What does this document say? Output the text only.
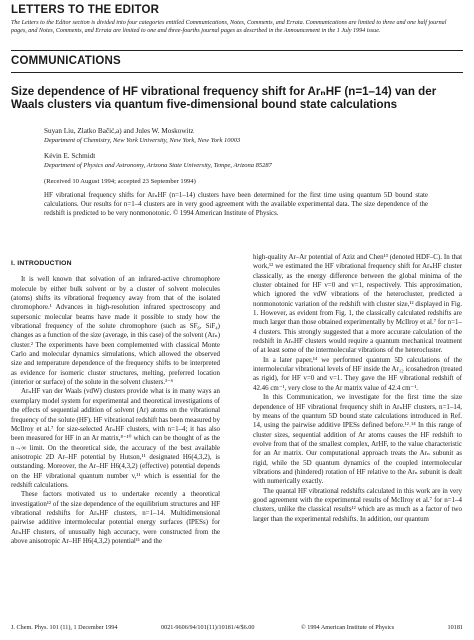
LETTERS TO THE EDITOR
The Letters to the Editor section is divided into four categories entitled Communications, Notes, Comments, and Errata. Communications are limited to three and one half journal pages, and Notes, Comments, and Errata are limited to one and three-fourths journal pages as described in the Announcement in the 1 July 1994 issue.
COMMUNICATIONS
Size dependence of HF vibrational frequency shift for ArₙHF (n=1–14) van der Waals clusters via quantum five-dimensional bound state calculations
Suyan Liu, Zlatko Bačić,a) and Jules W. Moskowitz
Department of Chemistry, New York University, New York, New York 10003
Kévin E. Schmidt
Department of Physics and Astronomy, Arizona State University, Tempe, Arizona 85287
(Received 10 August 1994; accepted 23 September 1994)
HF vibrational frequency shifts for ArₙHF (n=1–14) clusters have been determined for the first time using quantum 5D bound state calculations. Our results for n=1–4 clusters are in very good agreement with the available experimental data. The size dependence of the redshift is predicted to be very nonmonotonic. © 1994 American Institute of Physics.
I. INTRODUCTION

It is well known that solvation of an infrared-active chromophore molecule by either bulk solvent or by a cluster of solvent molecules (atoms) shifts its vibrational frequency away from that of the isolated chromophore.¹ Advances in high-resolution infrared spectroscopy and supersonic molecular beams have made it possible to study how the vibrational frequency of the solute chromophore (such as SF₆, SiF₄) changes as a function of the size (average, in this case) of the solvent (Arₙ) cluster.² The experiments have been complemented with classical Monte Carlo and molecular dynamics simulations, which allowed the observed size and temperature dependence of the frequency shifts to be interpreted as evidence for isomeric cluster structures, melting, preferred location (interior or surface) of the solute in the solvent clusters.³⁻⁶

ArₙHF van der Waals (vdW) clusters provide what is in many ways an exemplary model system for experimental and theoretical investigations of the effects of sequential addition of solvent (Ar) atoms on the vibrational frequency of the solute (HF). HF vibrational redshift has been measured by McIlroy et al.⁷ for size-selected ArₙHF clusters, with n=1–4; it has also been measured for HF in an Ar matrix,⁸⁻¹⁰ which can be thought of as the n→∞ limit. On the theoretical side, the accuracy of the best available anisotropic 2D Ar–HF potential by Hutson,¹¹ designated H6(4,3,2), is outstanding. Moreover, the Ar–HF H6(4,3,2) (effective) potential depends on the HF vibrational quantum number v,¹¹ which is essential for the redshift calculations.

These factors motivated us to undertake recently a theoretical investigation¹² of the size dependence of the equilibrium structures and HF vibrational redshifts for ArₙHF clusters, n=1–14. Multidimensional pairwise additive intermolecular potential energy surfaces (IPESs) for ArₙHF clusters, of unusually high accuracy, were constructed from the above anisotropic Ar–HF H6(4,3,2) potential¹¹ and the

high-quality Ar–Ar potential of Aziz and Chen¹³ (denoted HDF–C). In that work,¹² we estimated the HF vibrational frequency shift for ArₙHF cluster classically, as the energy difference between the global minima of the cluster obtained for HF v=0 and v=1, respectively. This approximation, which ignored the vdW vibrations of the heterocluster, predicted a nonmonotonic variation of the redshift with cluster size,¹² displayed in Fig. 1. However, as evident from Fig. 1, the classically calculated redshifts are much larger than those obtained experimentally by McIlroy et al.⁷ for n=1–4 clusters. This strongly suggested that a more accurate calculation of the redshift in ArₙHF clusters would require a quantum mechanical treatment of at least some of the intermolecular vibrations of the heterocluster.

In a later paper,¹⁴ we performed quantum 5D calculations of the intermolecular vibrational levels of HF inside the Ar₁₂ icosahedron (treated as rigid), for HF v=0 and v=1. They gave the HF vibrational redshift of 42.46 cm⁻¹, very close to the Ar matrix value of 42.4 cm⁻¹.

In this Communication, we investigate for the first time the size dependence of HF vibrational frequency shift in ArₙHF clusters, n=1–14, by means of the quantum 5D bound state calculations introduced in Ref. 14, using the pairwise additive IPESs defined before.¹²˒¹⁴ In this range of cluster sizes, sequential addition of Ar atoms causes the HF redshift to evolve from that of the smallest complex, ArHF, to the value characteristic for an Ar matrix. Our computational approach treats the Arₙ subunit as rigid, while the 5D quantum dynamics of the coupled intermolecular vibrations and (hindered) rotation of HF relative to the Arₙ subunit is dealt with numerically exactly.

The quantal HF vibrational redshifts calculated in this work are in very good agreement with the experimental results of McIlroy et al.⁷ for n=1–4 clusters, unlike the classical results¹² which are as much as a factor of two larger than the experimental redshifts. In addition, our quantum

J. Chem. Phys. 101 (11), 1 December 1994	0021-9606/94/101(11)/10181/4/$6.00	© 1994 American Institute of Physics	10181
